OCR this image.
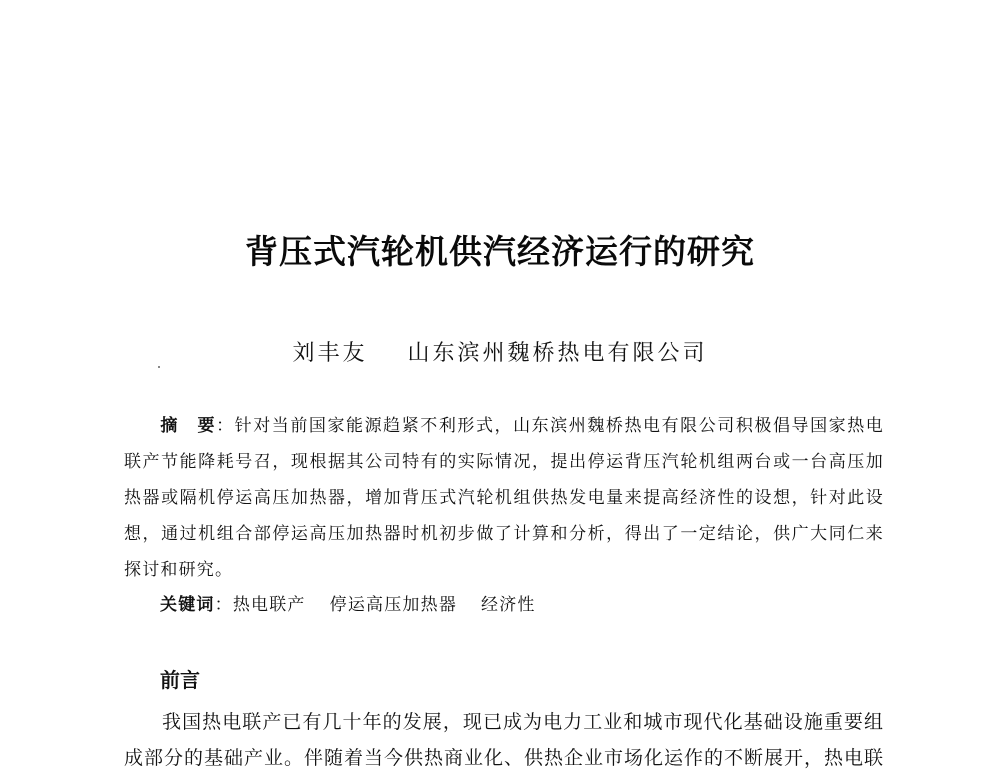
背压式汽轮机供汽经济运行的研究
刘丰友 山东滨州魏桥热电有限公司

摘　要：针对当前国家能源趋紧不利形式，山东滨州魏桥热电有限公司积极倡导国家热电联产节能降耗号召，现根据其公司特有的实际情况，提出停运背压汽轮机组两台或一台高压加热器或隔机停运高压加热器，增加背压式汽轮机组供热发电量来提高经济性的设想，针对此设想，通过机组合部停运高压加热器时机初步做了计算和分析，得出了一定结论，供广大同仁来探讨和研究。

关键词：热电联产 停运高压加热器 经济性
前言

我国热电联产已有几十年的发展，现已成为电力工业和城市现代化基础设施重要组成部分的基础产业。伴随着当今供热商业化、供热企业市场化运作的不断展开，热电联
